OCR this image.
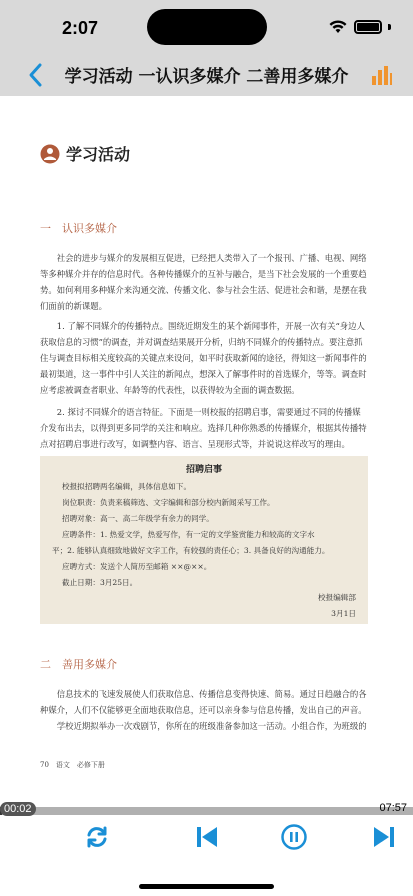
2:07
学习活动 一认识多媒介 二善用多媒介
学习活动
一　认识多媒介
社会的进步与媒介的发展相互促进，已经把人类带入了一个报刊、广播、电视、网络等多种媒介并存的信息时代。各种传播媒介的互补与融合，是当下社会发展的一个重要趋势。如何利用多种媒介来沟通交流、传播文化、参与社会生活、促进社会和谐，是摆在我们面前的新课题。
1. 了解不同媒介的传播特点。围绕近期发生的某个新闻事件，开展一次有关“身边人获取信息的习惯”的调查，并对调查结果展开分析，归纳不同媒介的传播特点。要注意抓住与调查目标相关度较高的关键点来设问，如平时获取新闻的途径，得知这一新闻事件的最初渠道，这一事件中引人关注的新闻点，想深入了解事件时的首选媒介，等等。调查时应考虑被调查者职业、年龄等的代表性，以获得较为全面的调查数据。
2. 探讨不同媒介的语言特征。下面是一则校报的招聘启事，需要通过不同的传播媒介发布出去，以得到更多同学的关注和响应。选择几种你熟悉的传播媒介，根据其传播特点对招聘启事进行改写，如调整内容、语言、呈现形式等，并说说这样改写的理由。
招聘启事
校报拟招聘两名编辑，具体信息如下。
岗位职责：负责来稿筛选、文字编辑和部分校内新闻采写工作。
招聘对象：高一、高二年级学有余力的同学。
应聘条件：1. 热爱文学，热爱写作，有一定的文学鉴赏能力和较高的文字水
平；2. 能够认真细致地做好文字工作，有较强的责任心；3. 具备良好的沟通能力。
应聘方式：发送个人简历至邮箱 ××@××。
截止日期：3月25日。
校报编辑部
3月1日
二　善用多媒介
信息技术的飞速发展使人们获取信息、传播信息变得快速、简易。通过日趋融合的各种媒介，人们不仅能够更全面地获取信息，还可以亲身参与信息传播，发出自己的声音。
学校近期拟举办一次戏剧节，你所在的班级准备参加这一活动。小组合作，为班级的
70　语文　必修下册
00:02	07:57
